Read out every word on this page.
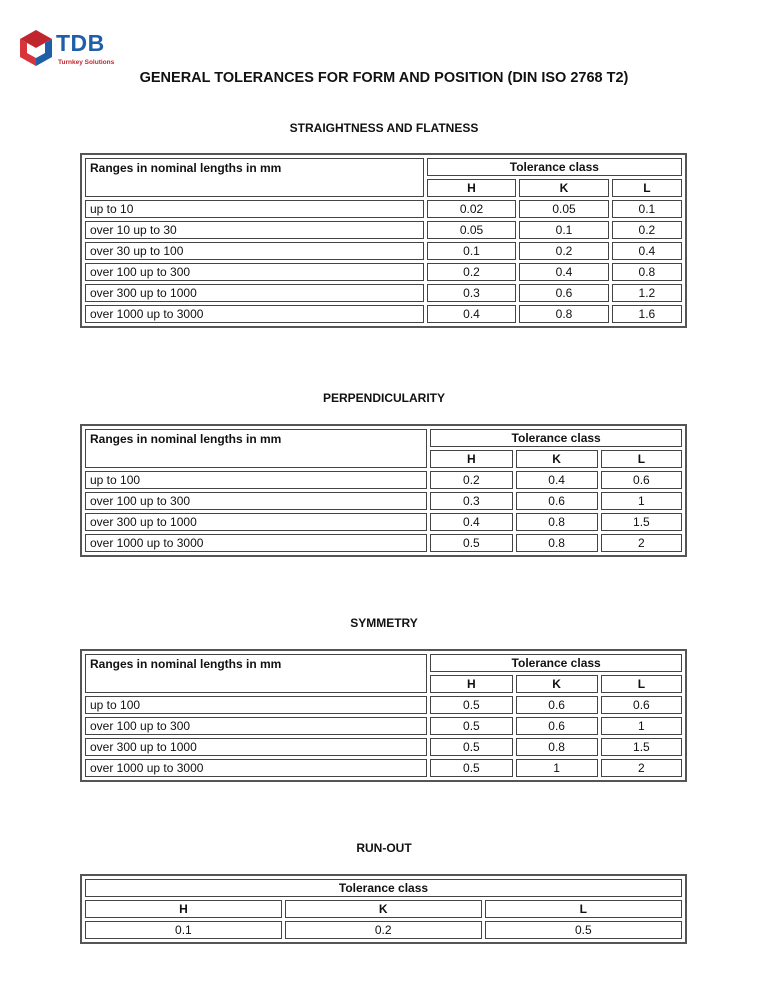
TDB
Turnkey Solutions
GENERAL TOLERANCES FOR FORM AND POSITION (DIN ISO 2768 T2)
STRAIGHTNESS AND FLATNESS
Ranges in nominal lengths in mm	Tolerance class		
	H	K	L
up to 10	0.02	0.05	0.1
over 10 up to 30	0.05	0.1	0.2
over 30 up to 100	0.1	0.2	0.4
over 100 up to 300	0.2	0.4	0.8
over 300 up to 1000	0.3	0.6	1.2
over 1000 up to 3000	0.4	0.8	1.6
PERPENDICULARITY
Ranges in nominal lengths in mm	Tolerance class		
	H	K	L
up to 100	0.2	0.4	0.6
over 100 up to 300	0.3	0.6	1
over 300 up to 1000	0.4	0.8	1.5
over 1000 up to 3000	0.5	0.8	2
SYMMETRY
Ranges in nominal lengths in mm	Tolerance class		
	H	K	L
up to 100	0.5	0.6	0.6
over 100 up to 300	0.5	0.6	1
over 300 up to 1000	0.5	0.8	1.5
over 1000 up to 3000	0.5	1	2
RUN-OUT
Tolerance class		
H	K	L
0.1	0.2	0.5
